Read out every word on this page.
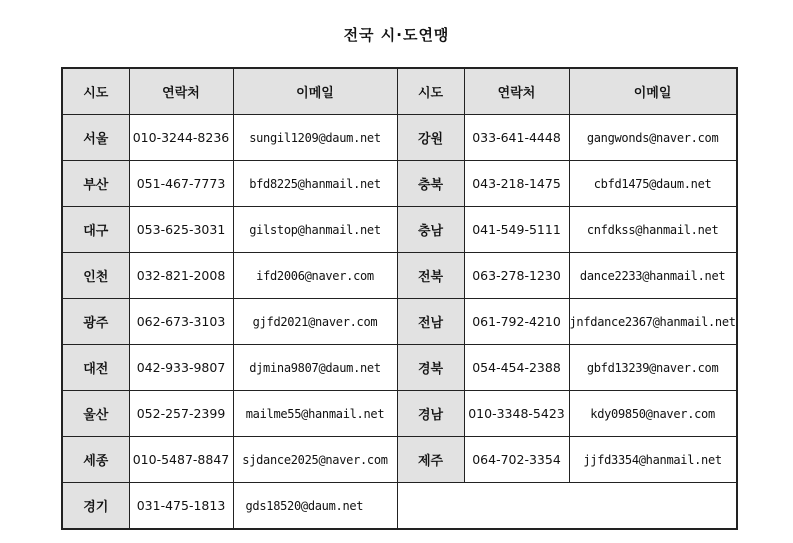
전국 시·도연맹
시도	연락처	이메일	시도	연락처	이메일
서울	010-3244-8236	sungil1209@daum.net	강원	033-641-4448	gangwonds@naver.com
부산	051-467-7773	bfd8225@hanmail.net	충북	043-218-1475	cbfd1475@daum.net
대구	053-625-3031	gilstop@hanmail.net	충남	041-549-5111	cnfdkss@hanmail.net
인천	032-821-2008	ifd2006@naver.com	전북	063-278-1230	dance2233@hanmail.net
광주	062-673-3103	gjfd2021@naver.com	전남	061-792-4210	jnfdance2367@hanmail.net
대전	042-933-9807	djmina9807@daum.net	경북	054-454-2388	gbfd13239@naver.com
울산	052-257-2399	mailme55@hanmail.net	경남	010-3348-5423	kdy09850@naver.com
세종	010-5487-8847	sjdance2025@naver.com	제주	064-702-3354	jjfd3354@hanmail.net
경기	031-475-1813	gds18520@daum.net			
